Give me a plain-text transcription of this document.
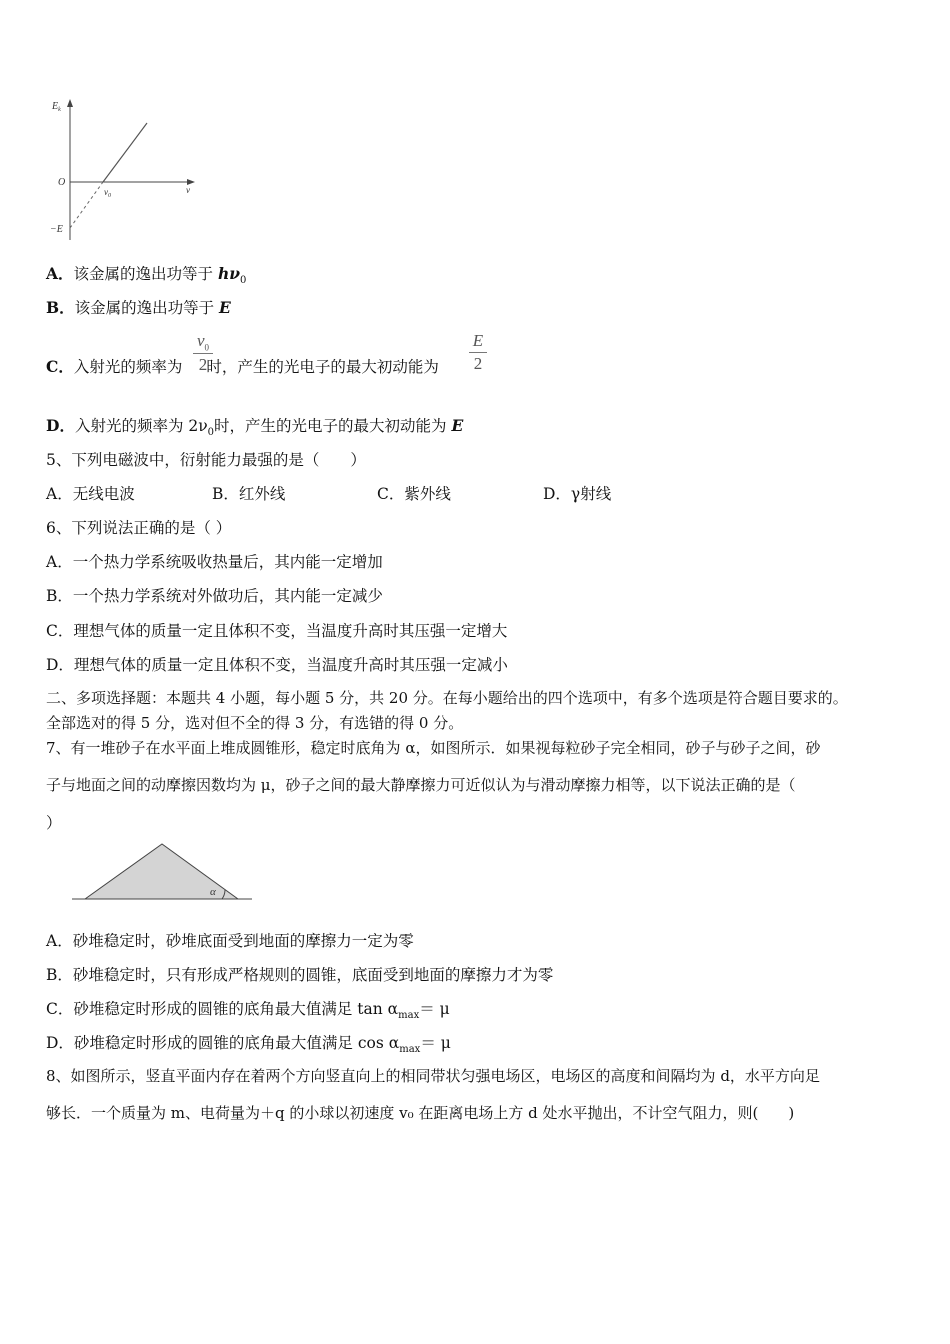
$E_k$
O
ν
$\nu_0$
−E
A．该金属的逸出功等于 $h\nu_0$
B．该金属的逸出功等于 E
C．入射光的频率为 时，产生的光电子的最大初动能为
$\nu_0$
2
E
2
D．入射光的频率为 $2\nu_0$时，产生的光电子的最大初动能为 E
5、下列电磁波中，衍射能力最强的是（　　）
A．无线电波	B．红外线	C．紫外线	D．γ射线
6、下列说法正确的是（ ）
A．一个热力学系统吸收热量后，其内能一定增加
B．一个热力学系统对外做功后，其内能一定减少
C．理想气体的质量一定且体积不变，当温度升高时其压强一定增大
D．理想气体的质量一定且体积不变，当温度升高时其压强一定减小
二、多项选择题：本题共 4 小题，每小题 5 分，共 20 分。在每小题给出的四个选项中，有多个选项是符合题目要求的。
全部选对的得 5 分，选对但不全的得 3 分，有选错的得 0 分。
7、有一堆砂子在水平面上堆成圆锥形，稳定时底角为 α，如图所示．如果视每粒砂子完全相同，砂子与砂子之间，砂
子与地面之间的动摩擦因数均为 μ，砂子之间的最大静摩擦力可近似认为与滑动摩擦力相等，以下说法正确的是（
）
α
A．砂堆稳定时，砂堆底面受到地面的摩擦力一定为零
B．砂堆稳定时，只有形成严格规则的圆锥，底面受到地面的摩擦力才为零
C．砂堆稳定时形成的圆锥的底角最大值满足 $\tan \alpha_{max}= \mu$
D．砂堆稳定时形成的圆锥的底角最大值满足 $\cos \alpha_{max}= \mu$
8、如图所示，竖直平面内存在着两个方向竖直向上的相同带状匀强电场区，电场区的高度和间隔均为 d，水平方向足
够长．一个质量为 m、电荷量为＋q 的小球以初速度 v₀ 在距离电场上方 d 处水平抛出，不计空气阻力，则(　　)
